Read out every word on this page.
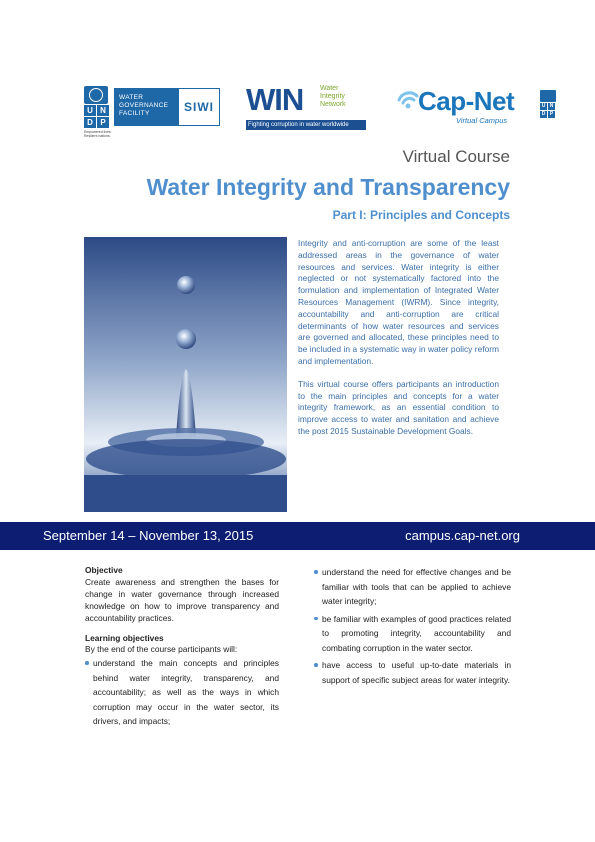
U N
D P
Empowered lives. Resilient nations.
WATER
GOVERNANCE
FACILITY	SIWI WIN Water
Integrity
Network
Fighting corruption in water worldwide
Cap-Net
Virtual Campus
U N
D P
Virtual Course
Water Integrity and Transparency
Part I: Principles and Concepts

Integrity and anti-corruption are some of the least addressed areas in the governance of water resources and services. Water integrity is either neglected or not systematically factored into the formulation and implementation of Integrated Water Resources Management (IWRM). Since integrity, accountability and anti-corruption are critical determinants of how water resources and services are governed and allocated, these principles need to be included in a systematic way in water policy reform and implementation.

This virtual course offers participants an introduction to the main principles and concepts for a water integrity framework, as an essential condition to improve access to water and sanitation and achieve the post 2015 Sustainable Development Goals.

September 14 – November 13, 2015	campus.cap-net.org

Objective

Create awareness and strengthen the bases for change in water governance through increased knowledge on how to improve transparency and accountability practices.

Learning objectives

By the end of the course participants will:

understand the main concepts and principles behind water integrity, transparency, and accountability; as well as the ways in which corruption may occur in the water sector, its drivers, and impacts;
understand the need for effective changes and be familiar with tools that can be applied to achieve water integrity;
be familiar with examples of good practices related to promoting integrity, accountability and combating corruption in the water sector.
have access to useful up-to-date materials in support of specific subject areas for water integrity.
